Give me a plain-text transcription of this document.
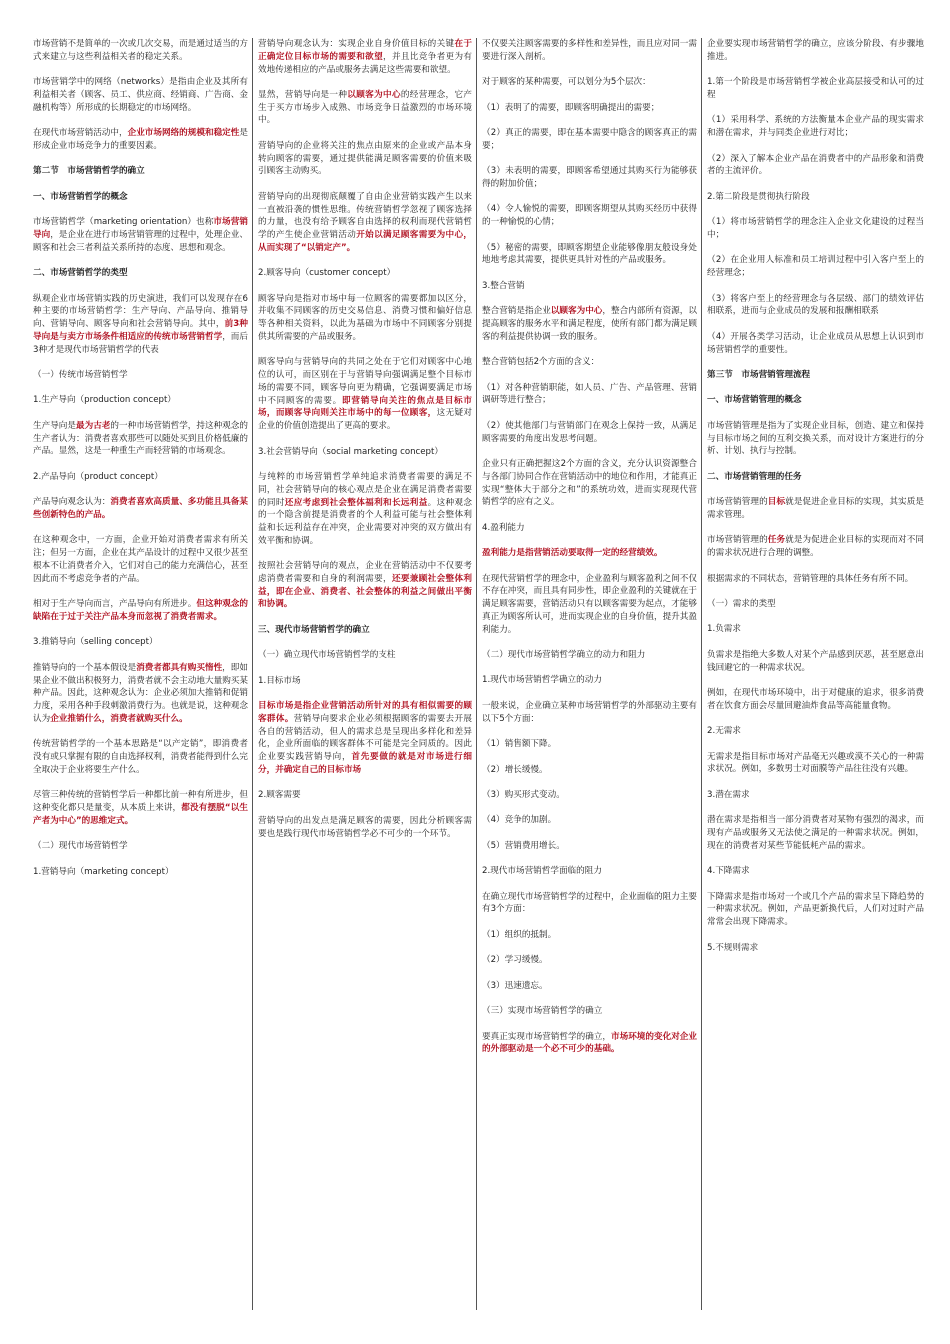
市场营销不是简单的一次或几次交易，而是通过适当的方式来建立与这些利益相关者的稳定关系。
市场营销学中的网络（networks）是指由企业及其所有利益相关者（顾客、员工、供应商、经销商、广告商、金融机构等）所形成的长期稳定的市场网络。
在现代市场营销活动中，企业市场网络的规模和稳定性是形成企业市场竞争力的重要因素。
第二节　市场营销哲学的确立
一、市场营销哲学的概念
市场营销哲学（marketing orientation）也称市场营销导向，是企业在进行市场营销管理的过程中，处理企业、顾客和社会三者利益关系所持的态度、思想和观念。
二、市场营销哲学的类型
纵观企业市场营销实践的历史演进，我们可以发现存在6种主要的市场营销哲学：生产导向、产品导向、推销导向、营销导向、顾客导向和社会营销导向。其中，前3种导向是与卖方市场条件相适应的传统市场营销哲学，而后3种才是现代市场营销哲学的代表
（一）传统市场营销哲学
1.生产导向（production concept）
生产导向是最为古老的一种市场营销哲学，持这种观念的生产者认为：消费者喜欢那些可以随处买到且价格低廉的产品。显然，这是一种重生产而轻营销的市场观念。
2.产品导向（product concept）
产品导向观念认为：消费者喜欢高质量、多功能且具备某些创新特色的产品。
在这种观念中，一方面，企业开始对消费者需求有所关注；但另一方面，企业在其产品设计的过程中又很少甚至根本不让消费者介入，它们对自己的能力充满信心，甚至因此而不考虑竞争者的产品。
相对于生产导向而言，产品导向有所进步。但这种观念的缺陷在于过于关注产品本身而忽视了消费者需求。
3.推销导向（selling concept）
推销导向的一个基本假设是消费者都具有购买惰性，即如果企业不做出积极努力，消费者就不会主动地大量购买某种产品。因此，这种观念认为：企业必须加大推销和促销力度，采用各种手段刺激消费行为。也就是说，这种观念认为企业推销什么，消费者就购买什么。
传统营销哲学的一个基本思路是“以产定销”，即消费者没有或只掌握有限的自由选择权利，消费者能得到什么完全取决于企业将要生产什么。
尽管三种传统的营销哲学后一种都比前一种有所进步，但这种变化都只是量变，从本质上来讲，都没有摆脱“以生产者为中心”的思维定式。
（二）现代市场营销哲学
1.营销导向（marketing concept）
营销导向观念认为：实现企业自身价值目标的关键在于正确定位目标市场的需要和欲望，并且比竞争者更为有效地传递相应的产品或服务去满足这些需要和欲望。
显然，营销导向是一种以顾客为中心的经营理念，它产生于买方市场步入成熟、市场竞争日益激烈的市场环境中。
营销导向的企业将关注的焦点由原来的企业或产品本身转向顾客的需要，通过提供能满足顾客需要的价值来吸引顾客主动购买。
营销导向的出现彻底颠覆了自由企业营销实践产生以来一直被沿袭的惯性思维。传统营销哲学忽视了顾客选择的力量，也没有给予顾客自由选择的权利而现代营销哲学的产生使企业营销活动开始以满足顾客需要为中心，从而实现了“以销定产”。
2.顾客导向（customer concept）
顾客导向是指对市场中每一位顾客的需要都加以区分，并收集不同顾客的历史交易信息、消费习惯和偏好信息等各种相关资料，以此为基础为市场中不同顾客分别提供其所需要的产品或服务。
顾客导向与营销导向的共同之处在于它们对顾客中心地位的认可，而区别在于与营销导向强调满足整个目标市场的需要不同，顾客导向更为精确，它强调要满足市场中不同顾客的需要。即营销导向关注的焦点是目标市场，而顾客导向则关注市场中的每一位顾客，这无疑对企业的价值创造提出了更高的要求。
3.社会营销导向（social marketing concept）
与纯粹的市场营销哲学单纯追求消费者需要的满足不同，社会营销导向的核心观点是企业在满足消费者需要的同时还应考虑到社会整体福利和长远利益。这种观念的一个隐含前提是消费者的个人利益可能与社会整体利益和长远利益存在冲突，企业需要对冲突的双方做出有效平衡和协调。
按照社会营销导向的观点，企业在营销活动中不仅要考虑消费者需要和自身的利润需要，还要兼顾社会整体利益，即在企业、消费者、社会整体的利益之间做出平衡和协调。
三、现代市场营销哲学的确立
（一）确立现代市场营销哲学的支柱
1.目标市场
目标市场是指企业营销活动所针对的具有相似需要的顾客群体。营销导向要求企业必须根据顾客的需要去开展各自的营销活动，但人的需求总是呈现出多样化和差异化，企业所面临的顾客群体不可能是完全同质的。因此企业要实践营销导向，首先要做的就是对市场进行细分，并确定自己的目标市场
2.顾客需要
营销导向的出发点是满足顾客的需要，因此分析顾客需要也是践行现代市场营销哲学必不可少的一个环节。
不仅要关注顾客需要的多样性和差异性，而且应对同一需要进行深入剖析。
对于顾客的某种需要，可以划分为5个层次：
（1）表明了的需要，即顾客明确提出的需要；
（2）真正的需要，即在基本需要中隐含的顾客真正的需要；
（3）未表明的需要，即顾客希望通过其购买行为能够获得的附加价值；
（4）令人愉悦的需要，即顾客期望从其购买经历中获得的一种愉悦的心情；
（5）秘密的需要，即顾客期望企业能够像朋友般设身处地地考虑其需要，提供更具针对性的产品或服务。
3.整合营销
整合营销是指企业以顾客为中心，整合内部所有资源，以提高顾客的服务水平和满足程度，使所有部门都为满足顾客的利益提供协调一致的服务。
整合营销包括2个方面的含义：
（1）对各种营销职能，如人员、广告、产品管理、营销调研等进行整合；
（2）使其他部门与营销部门在观念上保持一致，从满足顾客需要的角度出发思考问题。
企业只有正确把握这2个方面的含义，充分认识资源整合与各部门协同合作在营销活动中的地位和作用，才能真正实现“整体大于部分之和”的系统功效，进而实现现代营销哲学的应有之义。
4.盈利能力
盈利能力是指营销活动要取得一定的经营绩效。
在现代营销哲学的理念中，企业盈利与顾客盈利之间不仅不存在冲突，而且具有同步性，即企业盈利的关键就在于满足顾客需要，营销活动只有以顾客需要为起点，才能够真正为顾客所认可，进而实现企业的自身价值，提升其盈利能力。
（二）现代市场营销哲学确立的动力和阻力
1.现代市场营销哲学确立的动力
一般来说，企业确立某种市场营销哲学的外部驱动主要有以下5个方面：
（1）销售额下降。
（2）增长缓慢。
（3）购买形式变动。
（4）竞争的加剧。
（5）营销费用增长。
2.现代市场营销哲学面临的阻力
在确立现代市场营销哲学的过程中，企业面临的阻力主要有3个方面：
（1）组织的抵制。
（2）学习缓慢。
（3）迅速遗忘。
（三）实现市场营销哲学的确立
要真正实现市场营销哲学的确立，市场环境的变化对企业的外部驱动是一个必不可少的基础。
企业要实现市场营销哲学的确立，应该分阶段、有步骤地推进。
1.第一个阶段是市场营销哲学被企业高层接受和认可的过程
（1）采用科学、系统的方法衡量本企业产品的现实需求和潜在需求，并与同类企业进行对比；
（2）深入了解本企业产品在消费者中的产品形象和消费者的主流评价。
2.第二阶段是贯彻执行阶段
（1）将市场营销哲学的理念注入企业文化建设的过程当中；
（2）在企业用人标准和员工培训过程中引入客户至上的经营理念；
（3）将客户至上的经营理念与各层级、部门的绩效评估相联系，进而与企业成员的发展和报酬相联系
（4）开展各类学习活动，让企业成员从思想上认识到市场营销哲学的重要性。
第三节　市场营销管理流程
一、市场营销管理的概念
市场营销管理是指为了实现企业目标，创造、建立和保持与目标市场之间的互利交换关系，而对设计方案进行的分析、计划、执行与控制。
二、市场营销管理的任务
市场营销管理的目标就是促进企业目标的实现，其实质是需求管理。
市场营销管理的任务就是为促进企业目标的实现而对不同的需求状况进行合理的调整。
根据需求的不同状态，营销管理的具体任务有所不同。
（一）需求的类型
1.负需求
负需求是指绝大多数人对某个产品感到厌恶，甚至愿意出钱回避它的一种需求状况。
例如，在现代市场环境中，出于对健康的追求，很多消费者在饮食方面会尽量回避油炸食品等高能量食物。
2.无需求
无需求是指目标市场对产品毫无兴趣或漠不关心的一种需求状况。例如，多数男士对面膜等产品往往没有兴趣。
3.潜在需求
潜在需求是指相当一部分消费者对某物有强烈的渴求，而现有产品或服务又无法使之满足的一种需求状况。例如，现在的消费者对某些节能低耗产品的需求。
4.下降需求
下降需求是指市场对一个或几个产品的需求呈下降趋势的一种需求状况。例如，产品更新换代后，人们对过时产品常常会出现下降需求。
5.不规则需求
